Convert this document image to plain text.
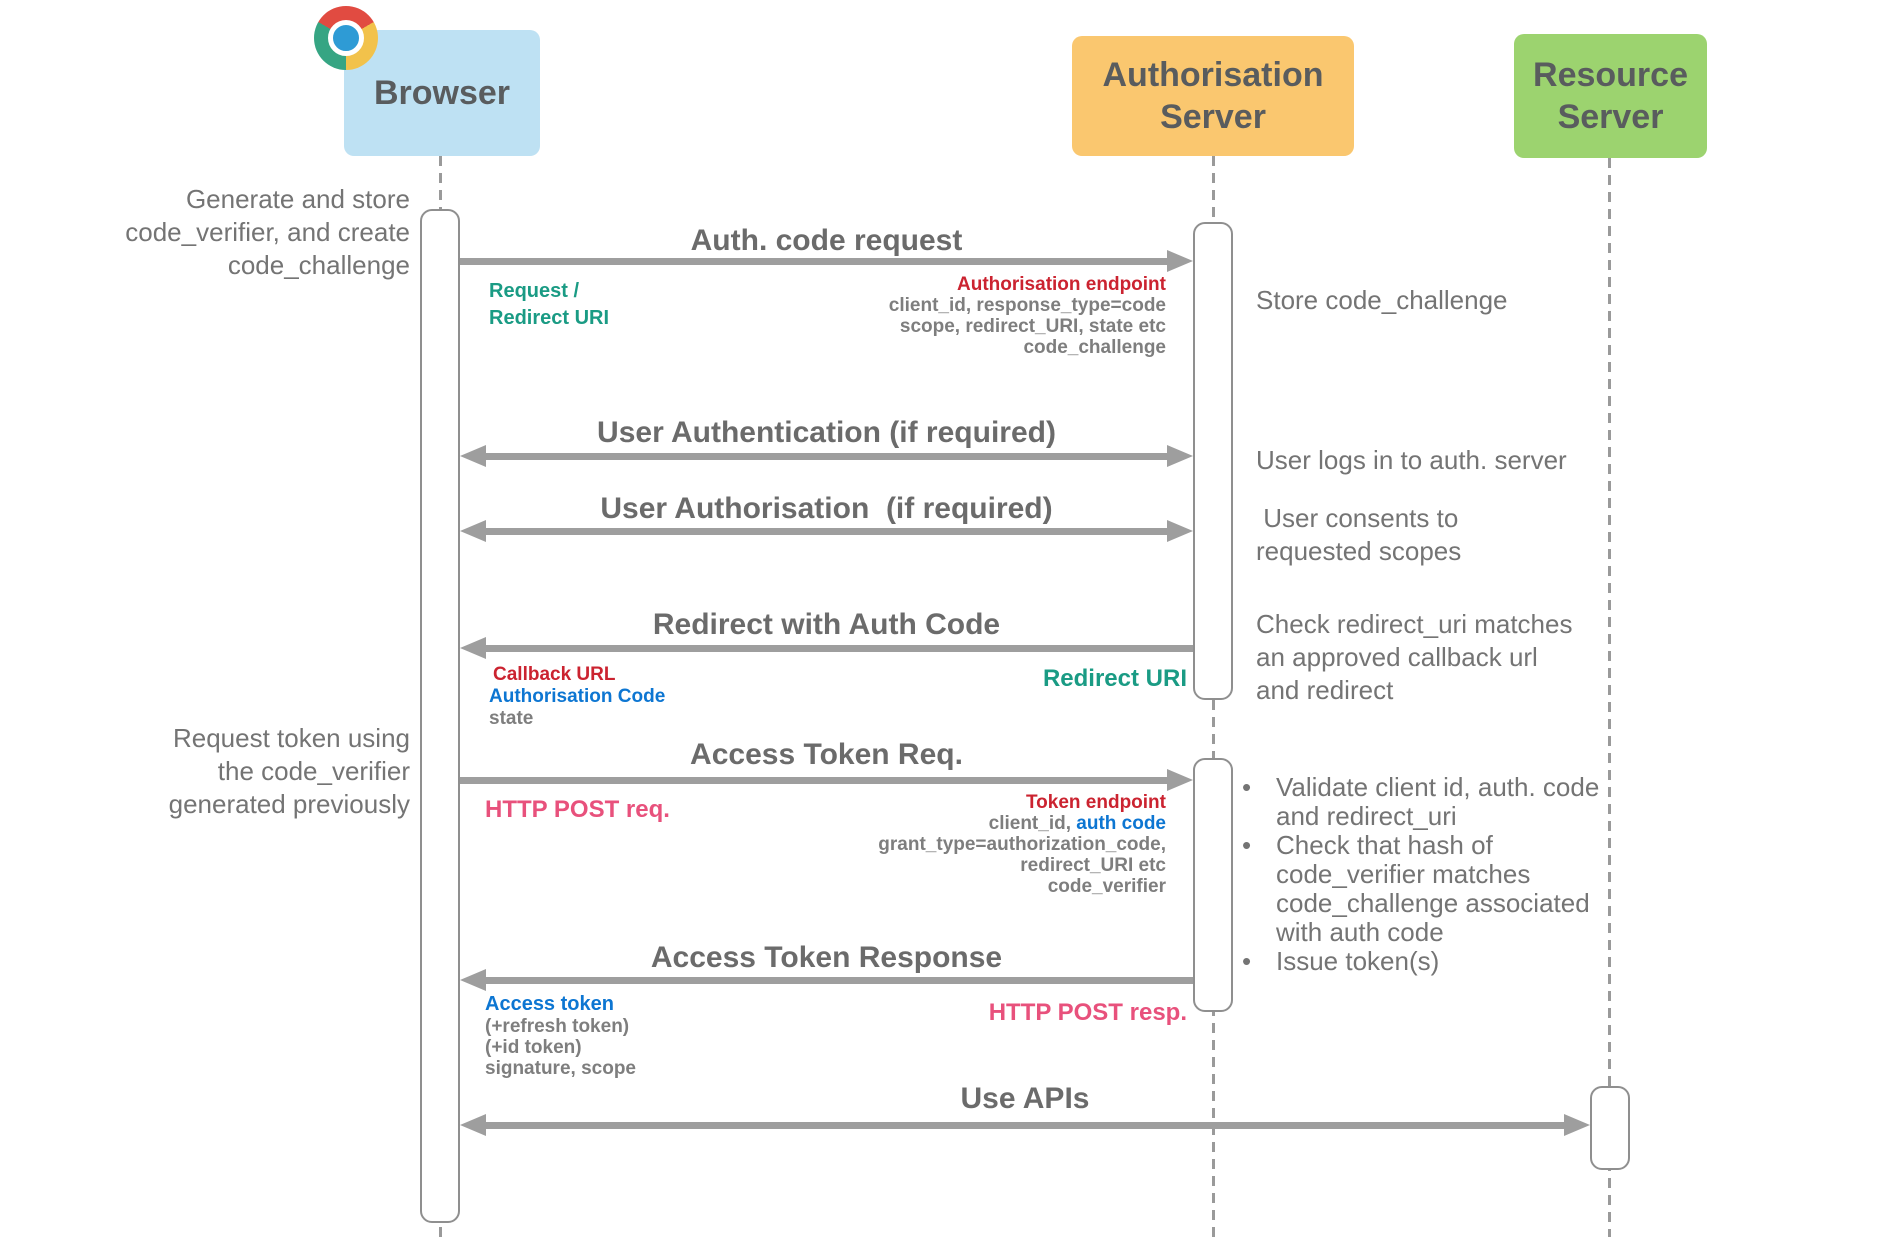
Browser	Authorisation
Server
Resource
Server
Auth. code request
User Authentication (if required)
User Authorisation  (if required)
Redirect with Auth Code
Access Token Req.
Access Token Response
Use APIs
Generate and store
code_verifier, and create
code_challenge
Request token using
the code_verifier
generated previously
Store code_challenge
User logs in to auth. server
User consents to
requested scopes
Check redirect_uri matches
an approved callback url
and redirect
• Validate client id, auth. code
and redirect_uri
• Check that hash of
code_verifier matches
code_challenge associated
with auth code
• Issue token(s)
Request /
Redirect URI
Authorisation endpoint
client_id, response_type=code
scope, redirect_URI, state etc
code_challenge
Callback URL
Authorisation Code
state
Redirect URI
HTTP POST req.	Token endpoint
client_id, auth code
grant_type=authorization_code,
redirect_URI etc
code_verifier
Access token
(+refresh token)
(+id token)
signature, scope
HTTP POST resp.
